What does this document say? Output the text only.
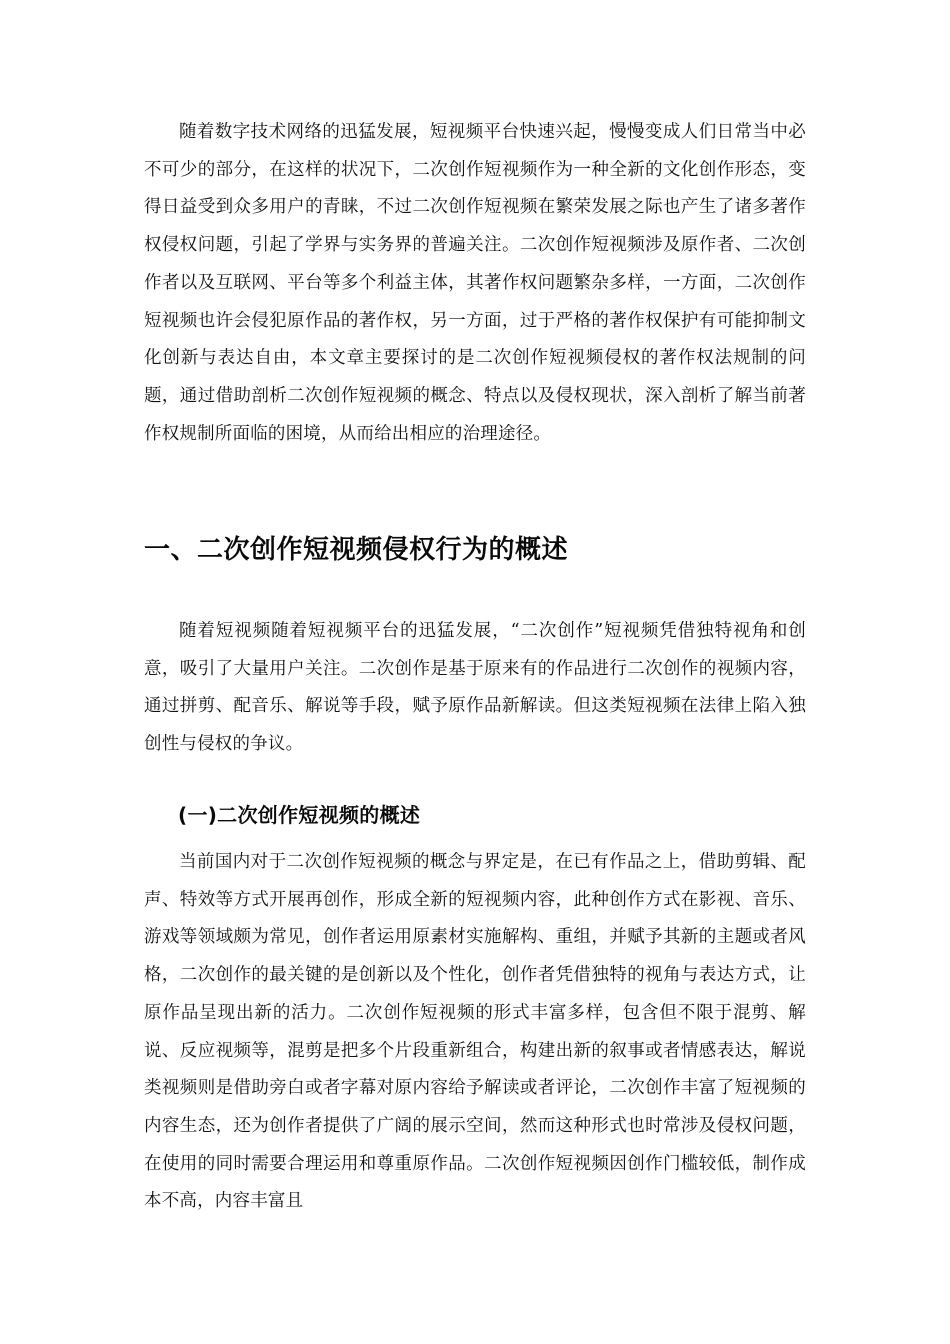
随着数字技术网络的迅猛发展，短视频平台快速兴起，慢慢变成人们日常当中必不可少的部分，在这样的状况下，二次创作短视频作为一种全新的文化创作形态，变得日益受到众多用户的青睐，不过二次创作短视频在繁荣发展之际也产生了诸多著作权侵权问题，引起了学界与实务界的普遍关注。二次创作短视频涉及原作者、二次创作者以及互联网、平台等多个利益主体，其著作权问题繁杂多样，一方面，二次创作短视频也许会侵犯原作品的著作权，另一方面，过于严格的著作权保护有可能抑制文化创新与表达自由，本文章主要探讨的是二次创作短视频侵权的著作权法规制的问题，通过借助剖析二次创作短视频的概念、特点以及侵权现状，深入剖析了解当前著作权规制所面临的困境，从而给出相应的治理途径。

一、二次创作短视频侵权行为的概述

随着短视频随着短视频平台的迅猛发展，“二次创作”短视频凭借独特视角和创意，吸引了大量用户关注。二次创作是基于原来有的作品进行二次创作的视频内容，通过拼剪、配音乐、解说等手段，赋予原作品新解读。但这类短视频在法律上陷入独创性与侵权的争议。

(一)二次创作短视频的概述

当前国内对于二次创作短视频的概念与界定是，在已有作品之上，借助剪辑、配声、特效等方式开展再创作，形成全新的短视频内容，此种创作方式在影视、音乐、游戏等领域颇为常见，创作者运用原素材实施解构、重组，并赋予其新的主题或者风格，二次创作的最关键的是创新以及个性化，创作者凭借独特的视角与表达方式，让原作品呈现出新的活力。二次创作短视频的形式丰富多样，包含但不限于混剪、解说、反应视频等，混剪是把多个片段重新组合，构建出新的叙事或者情感表达，解说类视频则是借助旁白或者字幕对原内容给予解读或者评论，二次创作丰富了短视频的内容生态，还为创作者提供了广阔的展示空间，然而这种形式也时常涉及侵权问题，在使用的同时需要合理运用和尊重原作品。二次创作短视频因创作门槛较低，制作成本不高，内容丰富且
